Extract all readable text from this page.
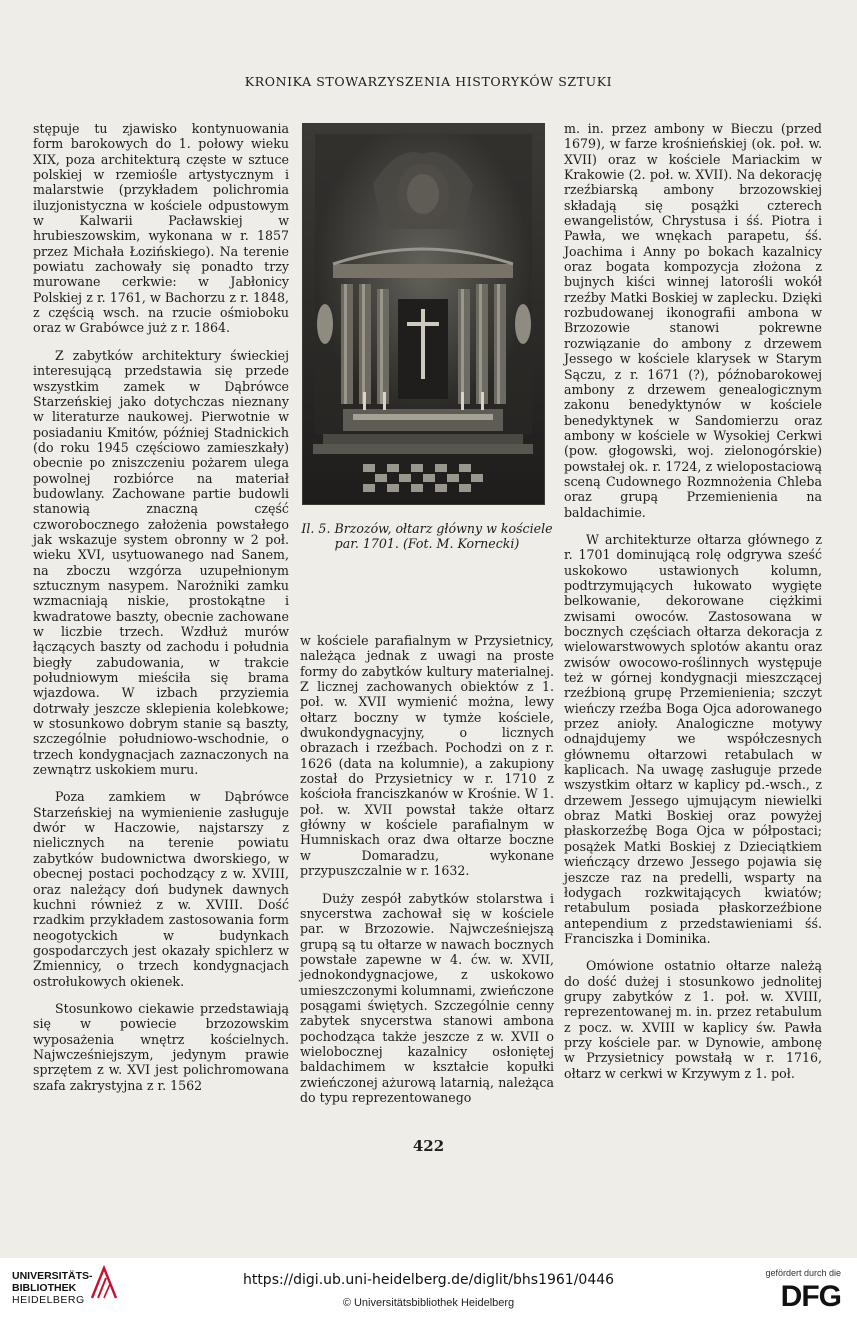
KRONIKA STOWARZYSZENIA HISTORYKÓW SZTUKI

stępuje tu zjawisko kontynuowania form barokowych do 1. połowy wieku XIX, poza architekturą częste w sztuce polskiej w rzemiośle artystycznym i malarstwie (przykładem polichromia iluzjonistyczna w kościele odpustowym w Kalwarii Pacławskiej w hrubieszowskim, wykonana w r. 1857 przez Michała Łozińskiego). Na terenie powiatu zachowały się ponadto trzy murowane cerkwie: w Jabłonicy Polskiej z r. 1761, w Bachorzu z r. 1848, z częścią wsch. na rzucie ośmioboku oraz w Grabówce już z r. 1864.

Z zabytków architektury świeckiej interesującą przedstawia się przede wszystkim zamek w Dąbrówce Starzeńskiej jako dotychczas nieznany w literaturze naukowej. Pierwotnie w posiadaniu Kmitów, później Stadnickich (do roku 1945 częściowo zamieszkały) obecnie po zniszczeniu pożarem ulega powolnej rozbiórce na materiał budowlany. Zachowane partie budowli stanowią znaczną część czworobocznego założenia powstałego jak wskazuje system obronny w 2 poł. wieku XVI, usytuowanego nad Sanem, na zboczu wzgórza uzupełnionym sztucznym nasypem. Narożniki zamku wzmacniają niskie, prostokątne i kwadratowe baszty, obecnie zachowane w liczbie trzech. Wzdłuż murów łączących baszty od zachodu i południa biegły zabudowania, w trakcie południowym mieściła się brama wjazdowa. W izbach przyziemia dotrwały jeszcze sklepienia kolebkowe; w stosunkowo dobrym stanie są baszty, szczególnie południowo-wschodnie, o trzech kondygnacjach zaznaczonych na zewnątrz uskokiem muru.

Poza zamkiem w Dąbrówce Starzeńskiej na wymienienie zasługuje dwór w Haczowie, najstarszy z nielicznych na terenie powiatu zabytków budownictwa dworskiego, w obecnej postaci pochodzący z w. XVIII, oraz należący doń budynek dawnych kuchni również z w. XVIII. Dość rzadkim przykładem zastosowania form neogotyckich w budynkach gospodarczych jest okazały spichlerz w Zmiennicy, o trzech kondygnacjach ostrołukowych okienek.

Stosunkowo ciekawie przedstawiają się w powiecie brzozowskim wyposażenia wnętrz kościelnych. Najwcześniejszym, jedynym prawie sprzętem z w. XVI jest polichromowana szafa zakrystyjna z r. 1562

Il. 5. Brzozów, ołtarz główny w kościele par. 1701. (Fot. M. Kornecki)

w kościele parafialnym w Przysietnicy, należąca jednak z uwagi na proste formy do zabytków kultury materialnej. Z licznej zachowanych obiektów z 1. poł. w. XVII wymienić można, lewy ołtarz boczny w tymże kościele, dwukondygnacyjny, o licznych obrazach i rzeźbach. Pochodzi on z r. 1626 (data na kolumnie), a zakupiony został do Przysietnicy w r. 1710 z kościoła franciszkanów w Krośnie. W 1. poł. w. XVII powstał także ołtarz główny w kościele parafialnym w Humniskach oraz dwa ołtarze boczne w Domaradzu, wykonane przypuszczalnie w r. 1632.

Duży zespół zabytków stolarstwa i snycerstwa zachował się w kościele par. w Brzozowie. Najwcześniejszą grupą są tu ołtarze w nawach bocznych powstałe zapewne w 4. ćw. w. XVII, jednokondygnacjowe, z uskokowo umieszczonymi kolumnami, zwieńczone posągami świętych. Szczególnie cenny zabytek snycerstwa stanowi ambona pochodząca także jeszcze z w. XVII o wielobocznej kazalnicy osłoniętej baldachimem w kształcie kopułki zwieńczonej ażurową latarnią, należąca do typu reprezentowanego

m. in. przez ambony w Bieczu (przed 1679), w farze krośnieńskiej (ok. poł. w. XVII) oraz w kościele Mariackim w Krakowie (2. poł. w. XVII). Na dekorację rzeźbiarską ambony brzozowskiej składają się posążki czterech ewangelistów, Chrystusa i śś. Piotra i Pawła, we wnękach parapetu, śś. Joachima i Anny po bokach kazalnicy oraz bogata kompozycja złożona z bujnych kiści winnej latorośli wokół rzeźby Matki Boskiej w zaplecku. Dzięki rozbudowanej ikonografii ambona w Brzozowie stanowi pokrewne rozwiązanie do ambony z drzewem Jessego w kościele klarysek w Starym Sączu, z r. 1671 (?), późnobarokowej ambony z drzewem genealogicznym zakonu benedyktynów w kościele benedyktynek w Sandomierzu oraz ambony w kościele w Wysokiej Cerkwi (pow. głogowski, woj. zielonogórskie) powstałej ok. r. 1724, z wielopostaciową sceną Cudownego Rozmnożenia Chleba oraz grupą Przemienienia na baldachimie.

W architekturze ołtarza głównego z r. 1701 dominującą rolę odgrywa sześć uskokowo ustawionych kolumn, podtrzymujących łukowato wygięte belkowanie, dekorowane ciężkimi zwisami owoców. Zastosowana w bocznych częściach ołtarza dekoracja z wielowarstwowych splotów akantu oraz zwisów owocowo-roślinnych występuje też w górnej kondygnacji mieszczącej rzeźbioną grupę Przemienienia; szczyt wieńczy rzeźba Boga Ojca adorowanego przez anioły. Analogiczne motywy odnajdujemy we współczesnych głównemu ołtarzowi retabulach w kaplicach. Na uwagę zasługuje przede wszystkim ołtarz w kaplicy pd.-wsch., z drzewem Jessego ujmującym niewielki obraz Matki Boskiej oraz powyżej płaskorzeźbę Boga Ojca w półpostaci; posążek Matki Boskiej z Dzieciątkiem wieńczący drzewo Jessego pojawia się jeszcze raz na predelli, wsparty na łodygach rozkwitających kwiatów; retabulum posiada płaskorzeźbione antependium z przedstawieniami śś. Franciszka i Dominika.

Omówione ostatnio ołtarze należą do dość dużej i stosunkowo jednolitej grupy zabytków z 1. poł. w. XVIII, reprezentowanej m. in. przez retabulum z pocz. w. XVIII w kaplicy św. Pawła przy kościele par. w Dynowie, ambonę w Przysietnicy powstałą w r. 1716, ołtarz w cerkwi w Krzywym z 1. poł.

422
UNIVERSITÄTS-
BIBLIOTHEK
HEIDELBERG
https://digi.ub.uni-heidelberg.de/diglit/bhs1961/0446
© Universitätsbibliothek Heidelberg
gefördert durch die
DFG
